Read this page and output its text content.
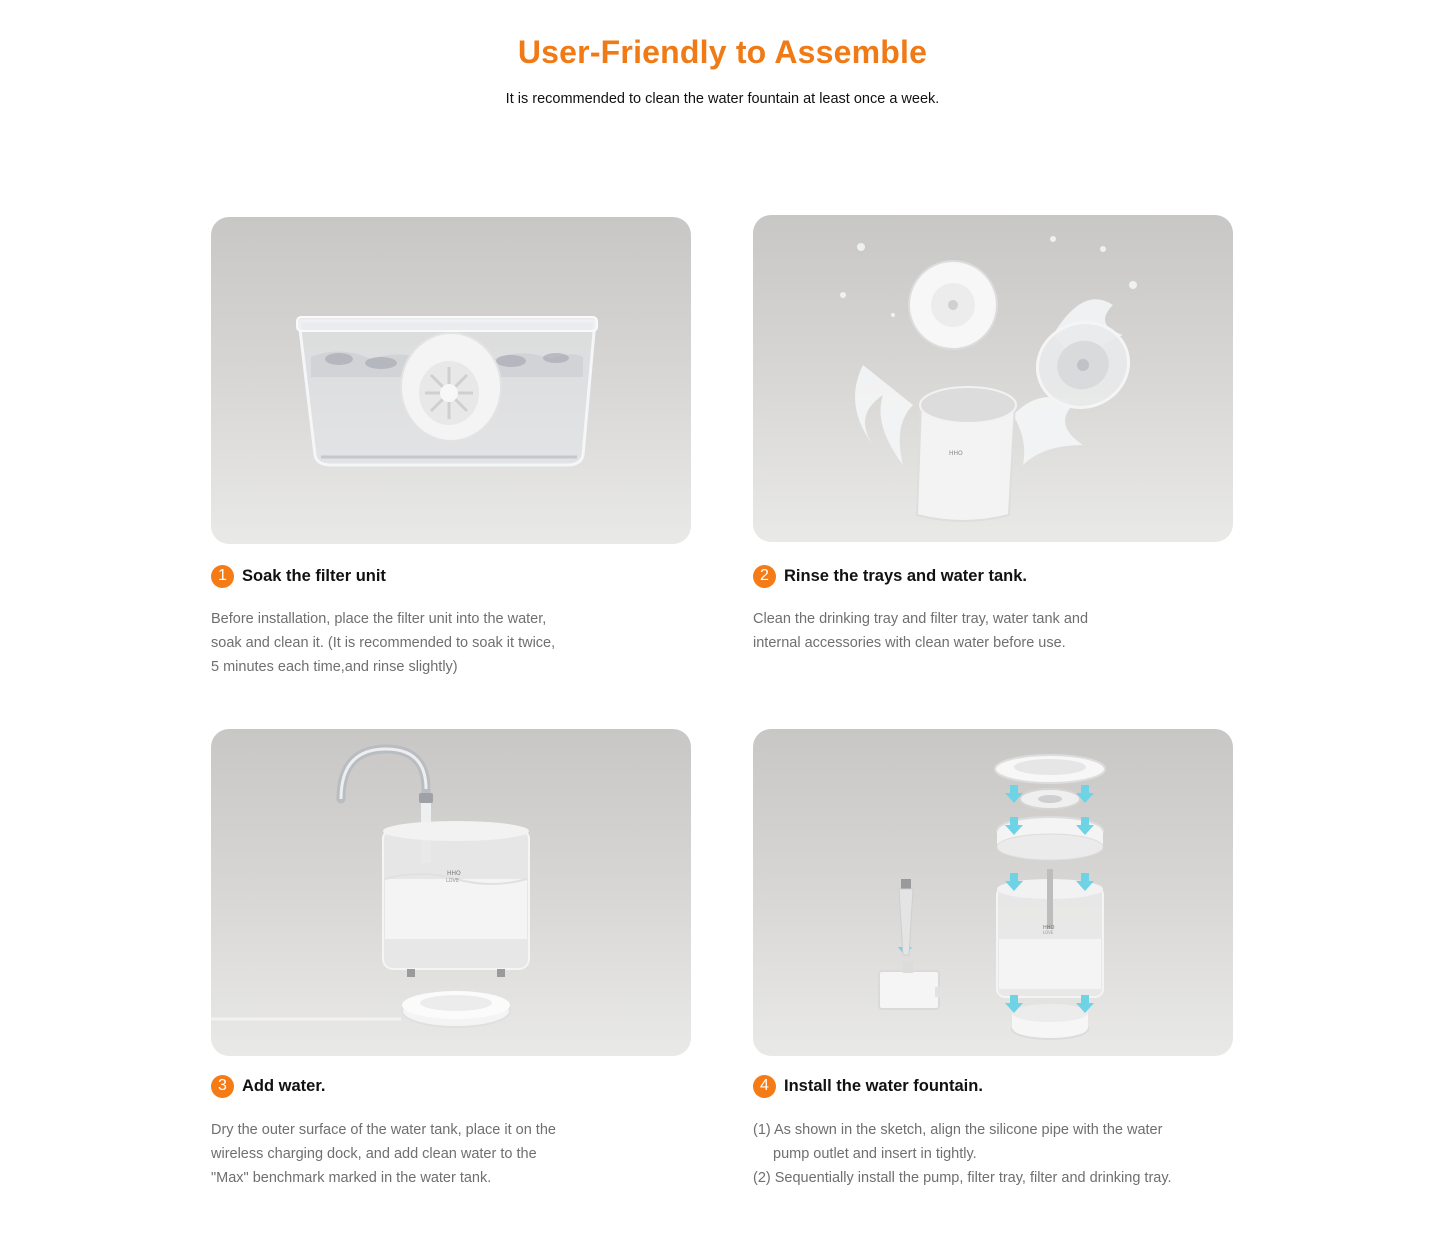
User-Friendly to Assemble
It is recommended to clean the water fountain at least once a week.
HHO
HHO
LOVE
HHO
LOVE
1 Soak the filter unit

Before installation, place the filter unit into the water,

soak and clean it. (It is recommended to soak it twice,

5 minutes each time,and rinse slightly)

2 Rinse the trays and water tank.

Clean the drinking tray and filter tray, water tank and

internal accessories with clean water before use.

3 Add water.

Dry the outer surface of the water tank, place it on the

wireless charging dock, and add clean water to the

"Max" benchmark marked in the water tank.

4 Install the water fountain.

(1) As shown in the sketch, align the silicone pipe with the water

pump outlet and insert in tightly.

(2) Sequentially install the pump, filter tray, filter and drinking tray.
